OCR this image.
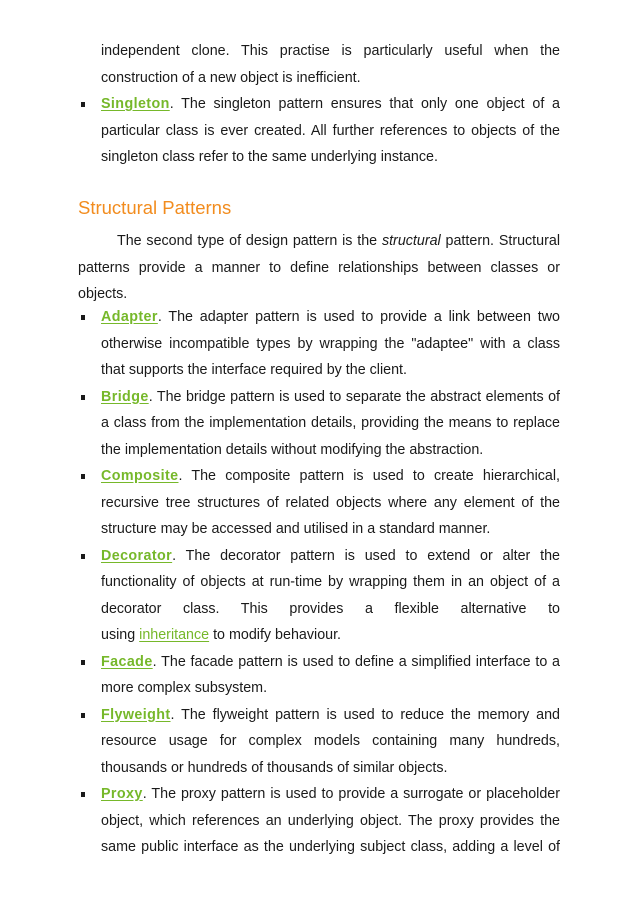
independent clone. This practise is particularly useful when the
construction of a new object is inefficient.
Singleton. The singleton pattern ensures that only one object of a
particular class is ever created. All further references to objects of the
singleton class refer to the same underlying instance.
Structural Patterns
The second type of design pattern is the structural pattern. Structural
patterns provide a manner to define relationships between classes or
objects.
Adapter. The adapter pattern is used to provide a link between two
otherwise incompatible types by wrapping the "adaptee" with a class
that supports the interface required by the client.
Bridge. The bridge pattern is used to separate the abstract elements of
a class from the implementation details, providing the means to replace
the implementation details without modifying the abstraction.
Composite. The composite pattern is used to create hierarchical,
recursive tree structures of related objects where any element of the
structure may be accessed and utilised in a standard manner.
Decorator. The decorator pattern is used to extend or alter the
functionality of objects at run-time by wrapping them in an object of a
decorator class. This provides a flexible alternative to
using inheritance to modify behaviour.
Facade. The facade pattern is used to define a simplified interface to a
more complex subsystem.
Flyweight. The flyweight pattern is used to reduce the memory and
resource usage for complex models containing many hundreds,
thousands or hundreds of thousands of similar objects.
Proxy. The proxy pattern is used to provide a surrogate or placeholder
object, which references an underlying object. The proxy provides the
same public interface as the underlying subject class, adding a level of
